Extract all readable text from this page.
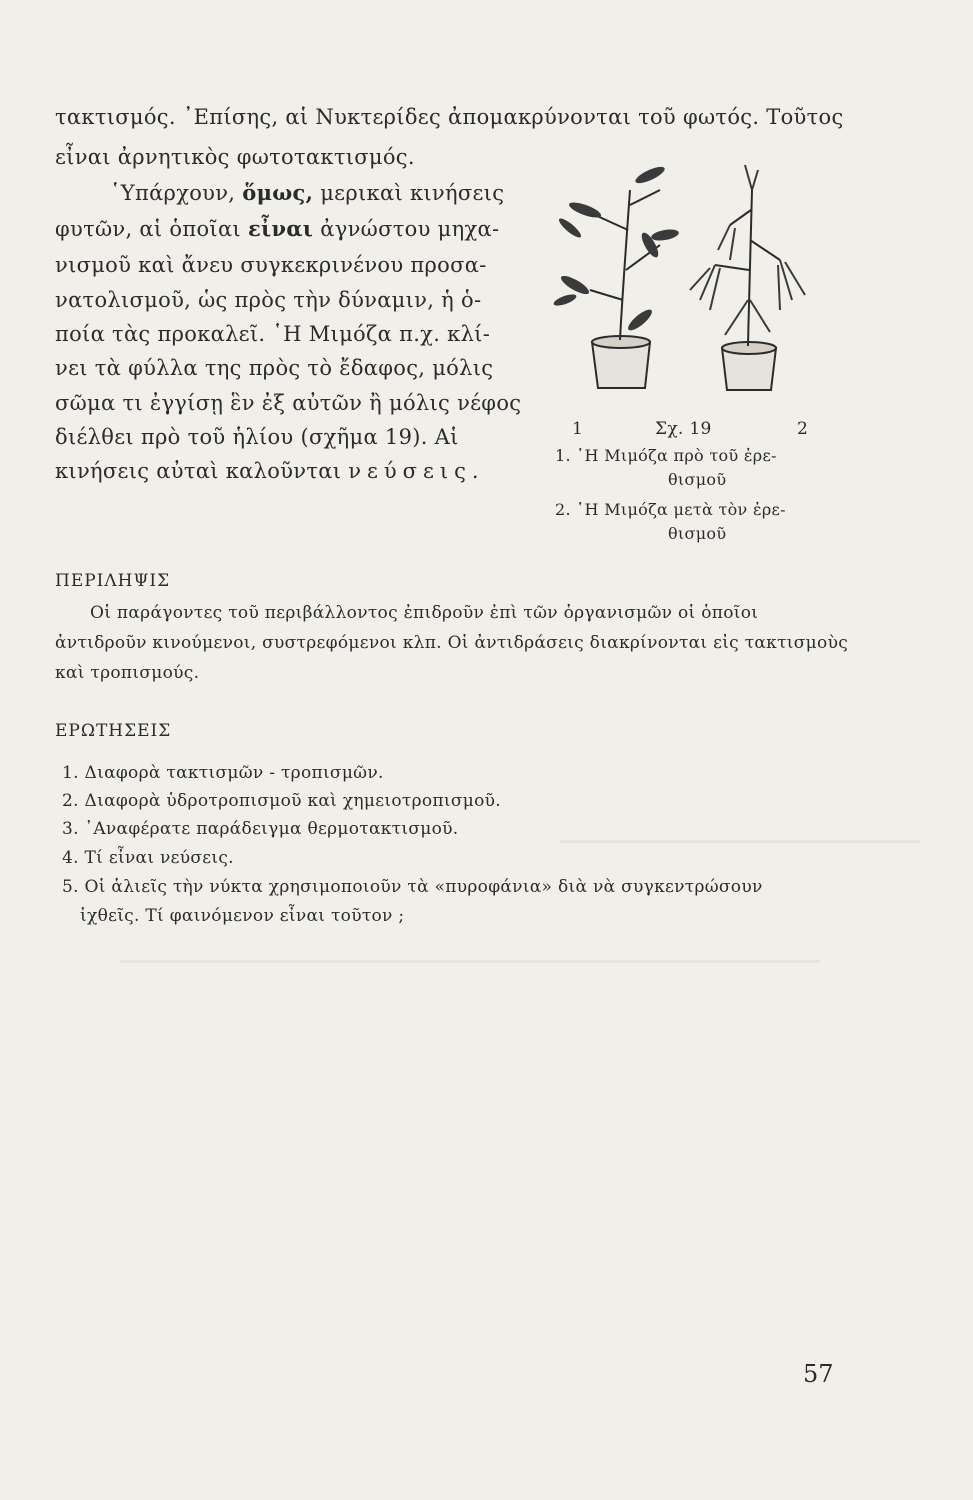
τακτισμός. ᾿Επίσης, αἱ Νυκτερίδες ἀπομακρύνονται τοῦ φωτός. Τοῦτος
εἶναι ἀρνητικὸς φωτοτακτισμός.
῾Υπάρχουν, ὅμως, μερικαὶ κινήσεις
φυτῶν, αἱ ὁποῖαι εἶναι ἀγνώστου μηχα-
νισμοῦ καὶ ἄνευ συγκεκρινένου προσα-
νατολισμοῦ, ὡς πρὸς τὴν δύναμιν, ἡ ὁ-
ποία τὰς προκαλεῖ. ῾Η Μιμόζα π.χ. κλί-
νει τὰ φύλλα της πρὸς τὸ ἔδαφος, μόλις
σῶμα τι ἐγγίσῃ ἓν ἐξ αὐτῶν ἢ μόλις νέφος
διέλθει πρὸ τοῦ ἡλίου (σχῆμα 19). Αἱ
κινήσεις αὐταὶ καλοῦνται νεύσεις.
1	Σχ. 19	2
1. ῾Η Μιμόζα πρὸ τοῦ ἐρε-
θισμοῦ
2. ῾Η Μιμόζα μετὰ τὸν ἐρε-
θισμοῦ
ΠΕΡΙΛΗΨΙΣ
Οἱ παράγοντες τοῦ περιβάλλοντος ἐπιδροῦν ἐπὶ τῶν ὀργανισμῶν οἱ ὁποῖοι
ἀντιδροῦν κινούμενοι, συστρεφόμενοι κλπ. Οἱ ἀντιδράσεις διακρίνονται εἰς τακτισμοὺς
καὶ τροπισμούς.
ΕΡΩΤΗΣΕΙΣ
1. Διαφορὰ τακτισμῶν - τροπισμῶν.
2. Διαφορὰ ὑδροτροπισμοῦ καὶ χημειοτροπισμοῦ.
3. ᾿Αναφέρατε παράδειγμα θερμοτακτισμοῦ.
4. Τί εἶναι νεύσεις.
5. Οἱ ἁλιεῖς τὴν νύκτα χρησιμοποιοῦν τὰ «πυροφάνια» διὰ νὰ συγκεντρώσουν
ἰχθεῖς. Τί φαινόμενον εἶναι τοῦτον ;
57
